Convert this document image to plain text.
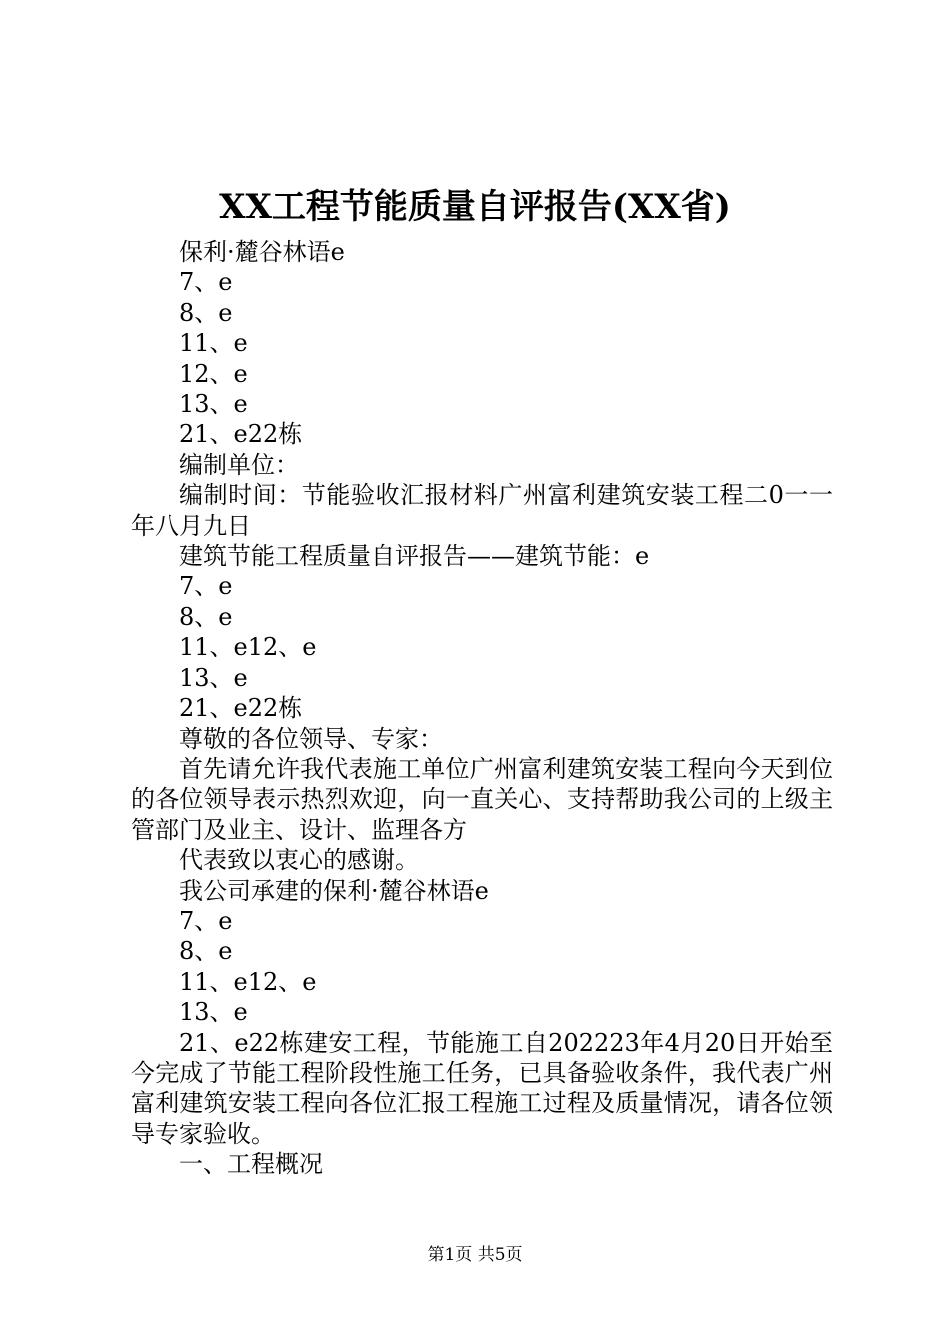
XX工程节能质量自评报告(XX省)

保利·麓谷林语e

7、e

8、e

11、e

12、e

13、e

21、e22栋

编制单位：

编制时间：节能验收汇报材料广州富利建筑安装工程二0一一年八月九日

建筑节能工程质量自评报告——建筑节能：e

7、e

8、e

11、e12、e

13、e

21、e22栋

尊敬的各位领导、专家：

首先请允许我代表施工单位广州富利建筑安装工程向今天到位的各位领导表示热烈欢迎，向一直关心、支持帮助我公司的上级主管部门及业主、设计、监理各方

代表致以衷心的感谢。

我公司承建的保利·麓谷林语e

7、e

8、e

11、e12、e

13、e

21、e22栋建安工程，节能施工自202223年4月20日开始至今完成了节能工程阶段性施工任务，已具备验收条件，我代表广州富利建筑安装工程向各位汇报工程施工过程及质量情况，请各位领导专家验收。

一、工程概况

第1页 共5页
